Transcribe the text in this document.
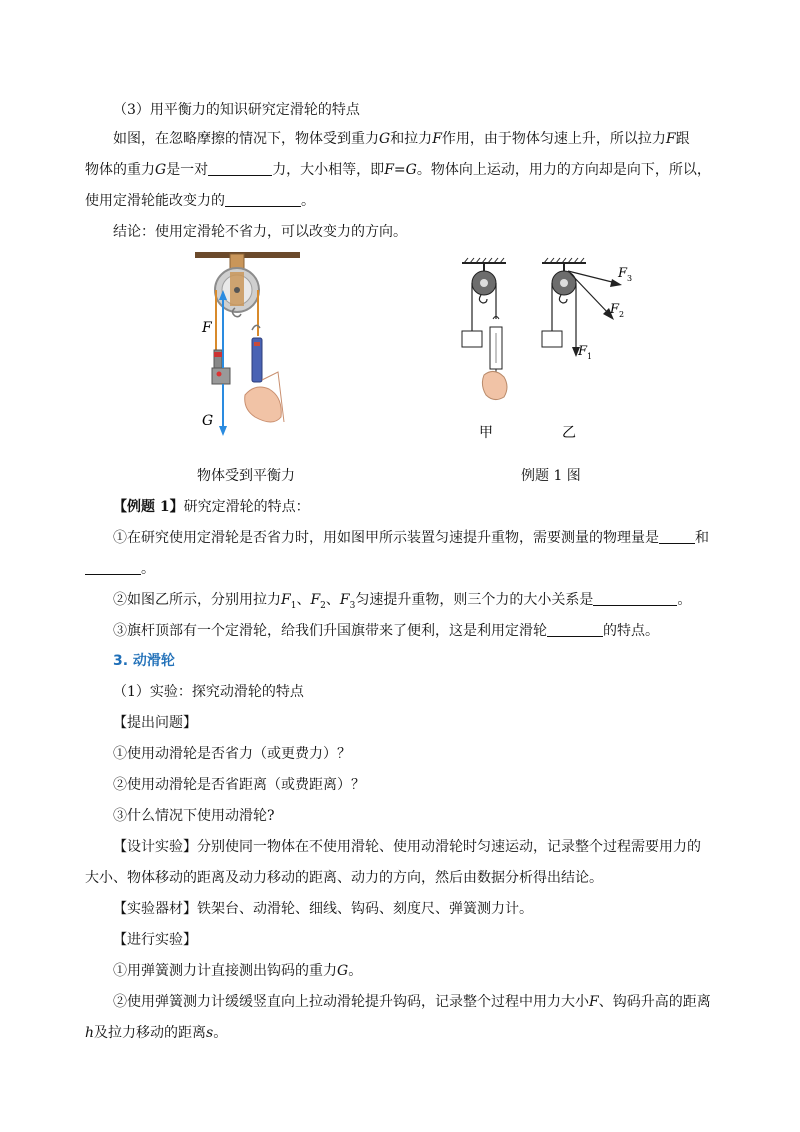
（3）用平衡力的知识研究定滑轮的特点

如图，在忽略摩擦的情况下，物体受到重力G和拉力F作用，由于物体匀速上升，所以拉力F跟

物体的重力G是一对	力，大小相等，即F=G。物体向上运动，用力的方向却是向下，所以，

使用定滑轮能改变力的	。

结论：使用定滑轮不省力，可以改变力的方向。

F
G
甲
F 3
F 2
F 1
乙
物体受到平衡力	例题 1 图

【例题 1】研究定滑轮的特点：

①在研究使用定滑轮是否省力时，用如图甲所示装置匀速提升重物，需要测量的物理量是	和

。

②如图乙所示，分别用拉力$F_1$、$F_2$、$F_3$匀速提升重物，则三个力的大小关系是	。

③旗杆顶部有一个定滑轮，给我们升国旗带来了便利，这是利用定滑轮	的特点。

3. 动滑轮

（1）实验：探究动滑轮的特点

【提出问题】

①使用动滑轮是否省力（或更费力）？

②使用动滑轮是否省距离（或费距离）？

③什么情况下使用动滑轮?

【设计实验】分别使同一物体在不使用滑轮、使用动滑轮时匀速运动，记录整个过程需要用力的

大小、物体移动的距离及动力移动的距离、动力的方向，然后由数据分析得出结论。

【实验器材】铁架台、动滑轮、细线、钩码、刻度尺、弹簧测力计。

【进行实验】

①用弹簧测力计直接测出钩码的重力G。

②使用弹簧测力计缓缓竖直向上拉动滑轮提升钩码，记录整个过程中用力大小F、钩码升高的距离

h及拉力移动的距离s。
